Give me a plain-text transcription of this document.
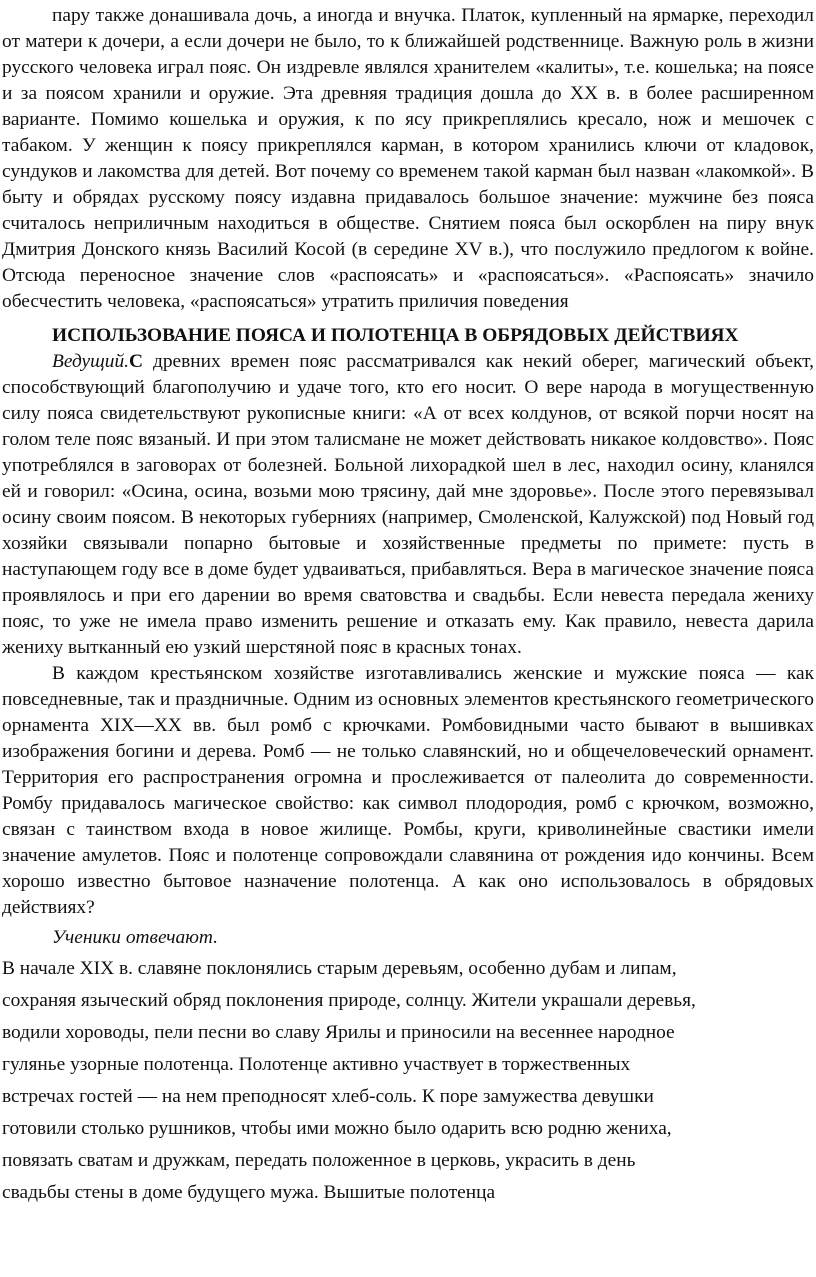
пару также донашивала дочь, а иногда и внучка. Платок, купленный на ярмарке, переходил от матери к дочери, а если дочери не было, то к ближайшей родственнице. Важную роль в жизни русского человека играл пояс. Он издревле являлся хранителем «калиты», т.е. кошелька; на поясе и за поясом хранили и оружие. Эта древняя традиция дошла до XX в. в более расширенном варианте. Помимо кошелька и оружия, к по ясу прикреплялись кресало, нож и мешочек с табаком. У женщин к поясу прикреплялся карман, в котором хранились ключи от кладовок, сундуков и лакомства для детей. Вот почему со временем такой карман был назван «лакомкой». В быту и обрядах русскому поясу издавна придавалось большое значение: мужчине без пояса считалось неприличным находиться в обществе. Снятием пояса был оскорблен на пиру внук Дмитрия Донского князь Василий Косой (в середине XV в.), что послужило предлогом к войне. Отсюда переносное значение слов «распоясать» и «распоясаться». «Распоясать» значило обесчестить человека, «распоясаться» утратить приличия поведения

ИСПОЛЬЗОВАНИЕ ПОЯСА И ПОЛОТЕНЦА В ОБРЯДОВЫХ ДЕЙСТВИЯХ

Ведущий.С древних времен пояс рассматривался как некий оберег, магический объект, способствующий благополучию и удаче того, кто его носит. О вере народа в могущественную силу пояса свидетельствуют рукописные книги: «А от всех колдунов, от всякой порчи носят на голом теле пояс вязаный. И при этом талисмане не может действовать никакое колдовство». Пояс употреблялся в заговорах от болезней. Больной лихорадкой шел в лес, находил осину, кланялся ей и говорил: «Осина, осина, возьми мою трясину, дай мне здоровье». После этого перевязывал осину своим поясом. В некоторых губерниях (например, Смоленской, Калужской) под Новый год хозяйки связывали попарно бытовые и хозяйственные предметы по примете: пусть в наступающем году все в доме будет удваиваться, прибавляться. Вера в магическое значение пояса проявлялось и при его дарении во время сватовства и свадьбы. Если невеста передала жениху пояс, то уже не имела право изменить решение и отказать ему. Как правило, невеста дарила жениху вытканный ею узкий шерстяной пояс в красных тонах.

В каждом крестьянском хозяйстве изготавливались женские и мужские пояса — как повседневные, так и праздничные. Одним из основных элементов крестьянского геометрического орнамента XIX—XX вв. был ромб с крючками. Ромбовидными часто бывают в вышивках изображения богини и дерева. Ромб — не только славянский, но и общечеловеческий орнамент. Территория его распространения огромна и прослеживается от палеолита до современности. Ромбу придавалось магическое свойство: как символ плодородия, ромб с крючком, возможно, связан с таинством входа в новое жилище. Ромбы, круги, криволинейные свастики имели значение амулетов. Пояс и полотенце сопровождали славянина от рождения идо кончины. Всем хорошо известно бытовое назначение полотенца. А как оно использовалось в обрядовых действиях?

Ученики отвечают.

В начале XIX в. славяне поклонялись старым деревьям, особенно дубам и липам,
сохраняя языческий обряд поклонения природе, солнцу. Жители украшали деревья,
водили хороводы, пели песни во славу Ярилы и приносили на весеннее народное
гулянье узорные полотенца. Полотенце активно участвует в торжественных
встречах гостей — на нем преподносят хлеб-соль. К поре замужества девушки
готовили столько рушников, чтобы ими можно было одарить всю родню жениха,
повязать сватам и дружкам, передать положенное в церковь, украсить в день
свадьбы стены в доме будущего мужа. Вышитые полотенца
